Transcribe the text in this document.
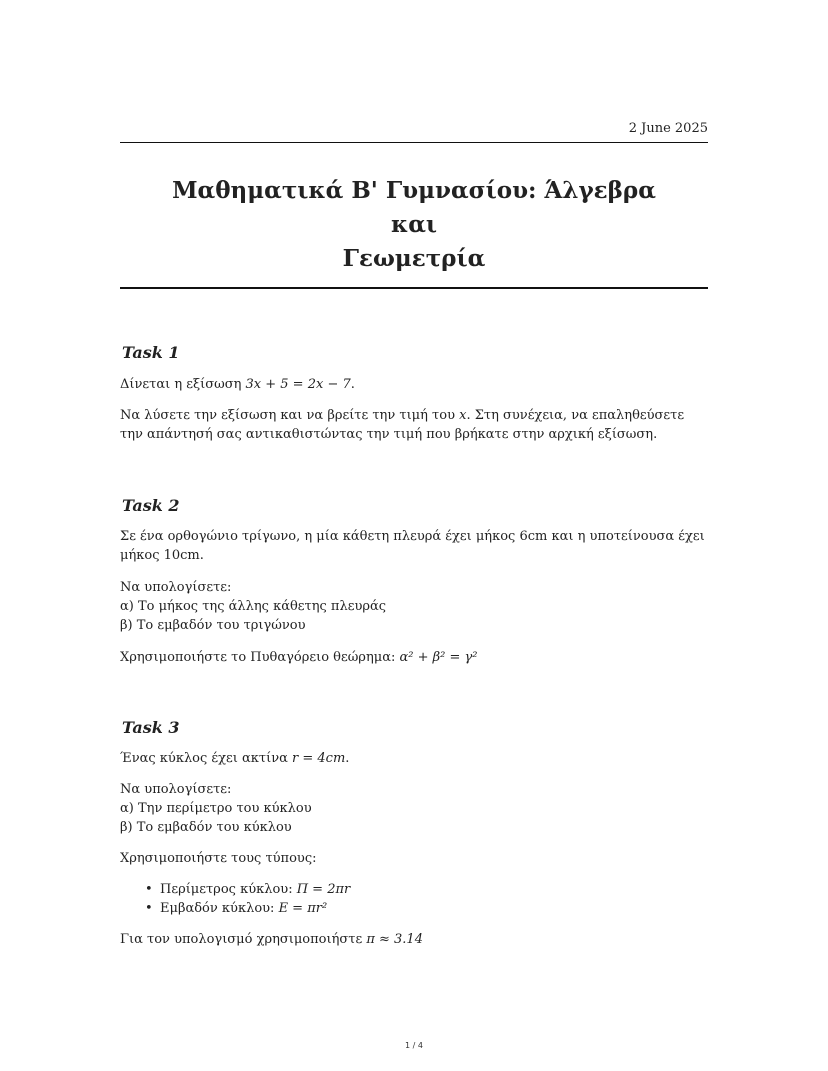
2 June 2025
Μαθηματικά Β' Γυμνασίου: Άλγεβρα και
Γεωμετρία
Task 1
Δίνεται η εξίσωση 3x + 5 = 2x − 7.
Να λύσετε την εξίσωση και να βρείτε την τιμή του x. Στη συνέχεια, να επαληθεύσετε την απάντησή σας αντικαθιστώντας την τιμή που βρήκατε στην αρχική εξίσωση.
Task 2
Σε ένα ορθογώνιο τρίγωνο, η μία κάθετη πλευρά έχει μήκος 6cm και η υποτείνουσα έχει μήκος 10cm.
Να υπολογίσετε:
α) Το μήκος της άλλης κάθετης πλευράς
β) Το εμβαδόν του τριγώνου
Χρησιμοποιήστε το Πυθαγόρειο θεώρημα: α² + β² = γ²
Task 3
Ένας κύκλος έχει ακτίνα r = 4cm.
Να υπολογίσετε:
α) Την περίμετρο του κύκλου
β) Το εμβαδόν του κύκλου
Χρησιμοποιήστε τους τύπους:
• Περίμετρος κύκλου: Π = 2πr
• Εμβαδόν κύκλου: E = πr²
Για τον υπολογισμό χρησιμοποιήστε π ≈ 3.14
1 / 4
